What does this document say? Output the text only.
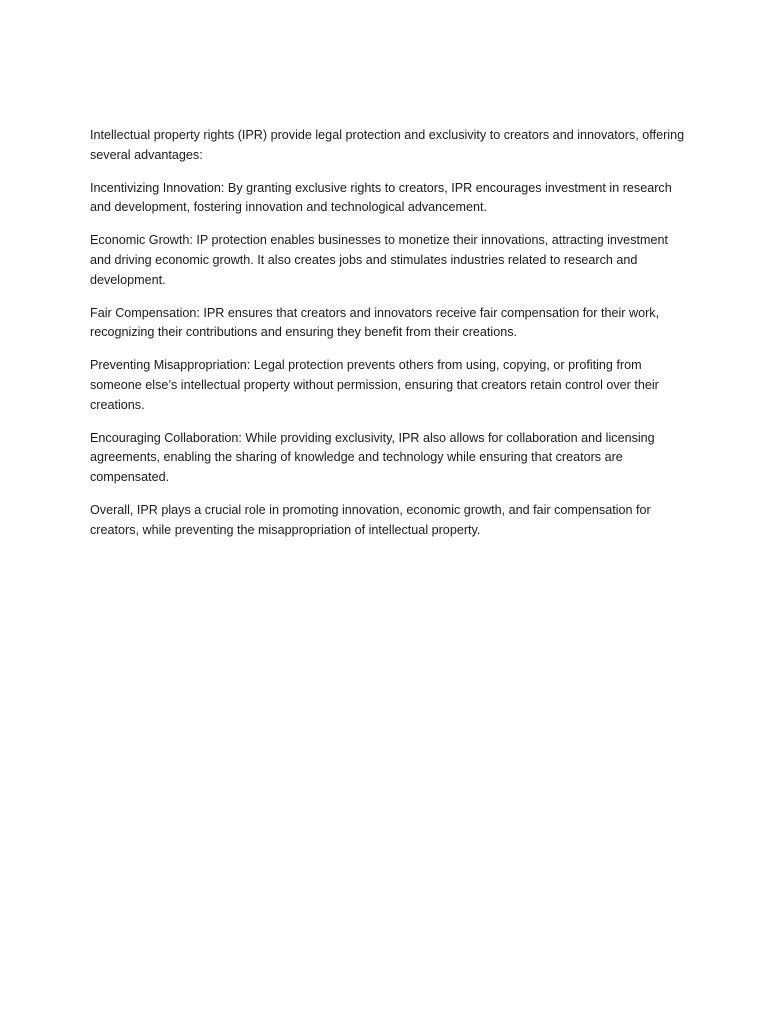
Intellectual property rights (IPR) provide legal protection and exclusivity to creators and innovators, offering several advantages:

Incentivizing Innovation: By granting exclusive rights to creators, IPR encourages investment in research and development, fostering innovation and technological advancement.

Economic Growth: IP protection enables businesses to monetize their innovations, attracting investment and driving economic growth. It also creates jobs and stimulates industries related to research and development.

Fair Compensation: IPR ensures that creators and innovators receive fair compensation for their work, recognizing their contributions and ensuring they benefit from their creations.

Preventing Misappropriation: Legal protection prevents others from using, copying, or profiting from someone else’s intellectual property without permission, ensuring that creators retain control over their creations.

Encouraging Collaboration: While providing exclusivity, IPR also allows for collaboration and licensing agreements, enabling the sharing of knowledge and technology while ensuring that creators are compensated.

Overall, IPR plays a crucial role in promoting innovation, economic growth, and fair compensation for creators, while preventing the misappropriation of intellectual property.
